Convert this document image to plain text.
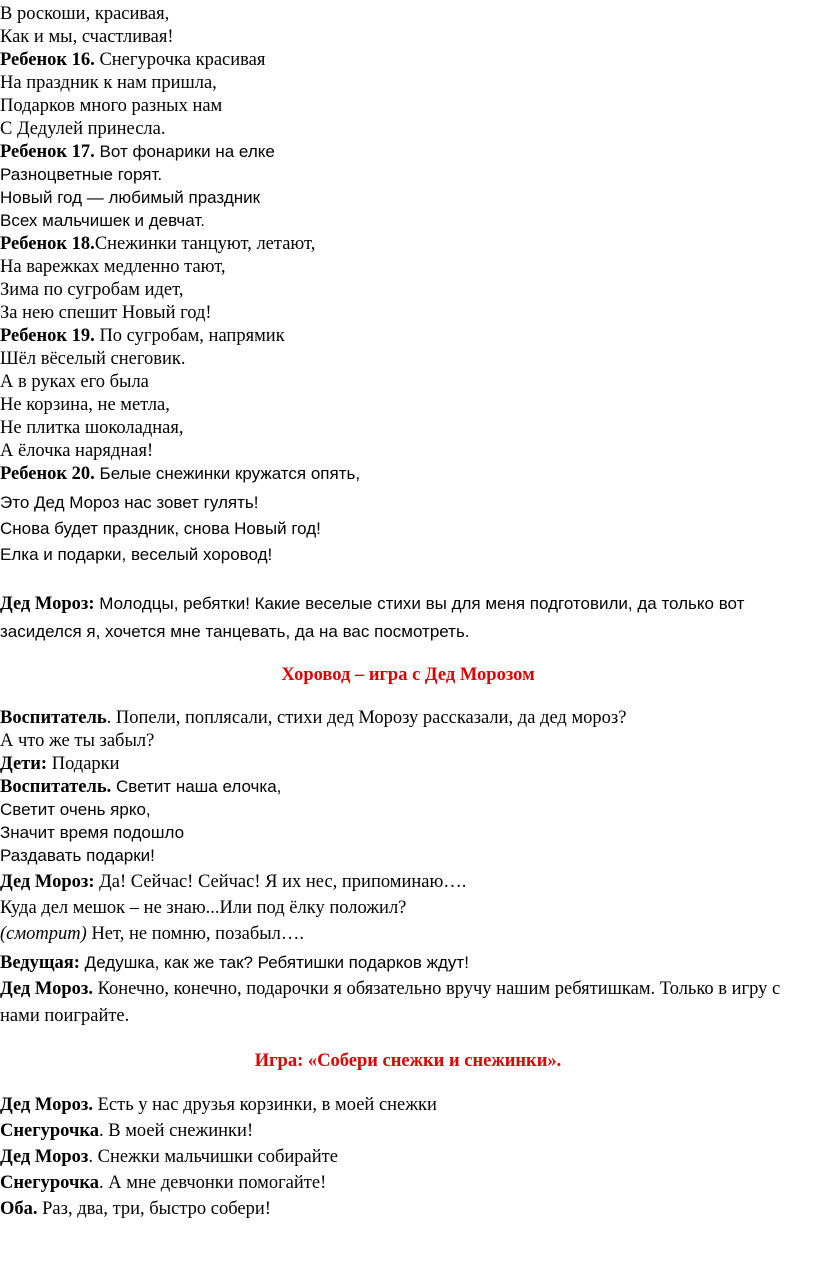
В роскоши, красивая,
Как и мы, счастливая!
Ребенок 16. Снегурочка красивая
На праздник к нам пришла,
Подарков много разных нам
С Дедулей принесла.
Ребенок 17. Вот фонарики на елке
Разноцветные горят.
Новый год — любимый праздник
Всех мальчишек и девчат.
Ребенок 18.Снежинки танцуют, летают,
На варежках медленно тают,
Зима по сугробам идет,
За нею спешит Новый год!
Ребенок 19. По сугробам, напрямик
Шёл вёселый снеговик.
А в руках его была
Не корзина, не метла,
Не плитка шоколадная,
А ёлочка нарядная!
Ребенок 20. Белые снежинки кружатся опять,
Это Дед Мороз нас зовет гулять!
Снова будет праздник, снова Новый год!
Елка и подарки, веселый хоровод!
Дед Мороз: Молодцы, ребятки! Какие веселые стихи вы для меня подготовили, да только вот засиделся я, хочется мне танцевать, да на вас посмотреть.
Хоровод – игра с Дед Морозом
Воспитатель. Попели, поплясали, стихи дед Морозу рассказали, да дед мороз?
А что же ты забыл?
Дети: Подарки
Воспитатель. Светит наша елочка,
Светит очень ярко,
Значит время подошло
Раздавать подарки!
Дед Мороз: Да! Сейчас! Сейчас! Я их нес, припоминаю….
Куда дел мешок – не знаю...Или под ёлку положил?
(смотрит) Нет, не помню, позабыл….
Ведущая: Дедушка, как же так? Ребятишки подарков ждут!
Дед Мороз. Конечно, конечно, подарочки я обязательно вручу нашим ребятишкам. Только в игру с нами поиграйте.
Игра: «Собери снежки и снежинки».
Дед Мороз. Есть у нас друзья корзинки, в моей снежки
Снегурочка. В моей снежинки!
Дед Мороз. Снежки мальчишки собирайте
Снегурочка. А мне девчонки помогайте!
Оба. Раз, два, три, быстро собери!
